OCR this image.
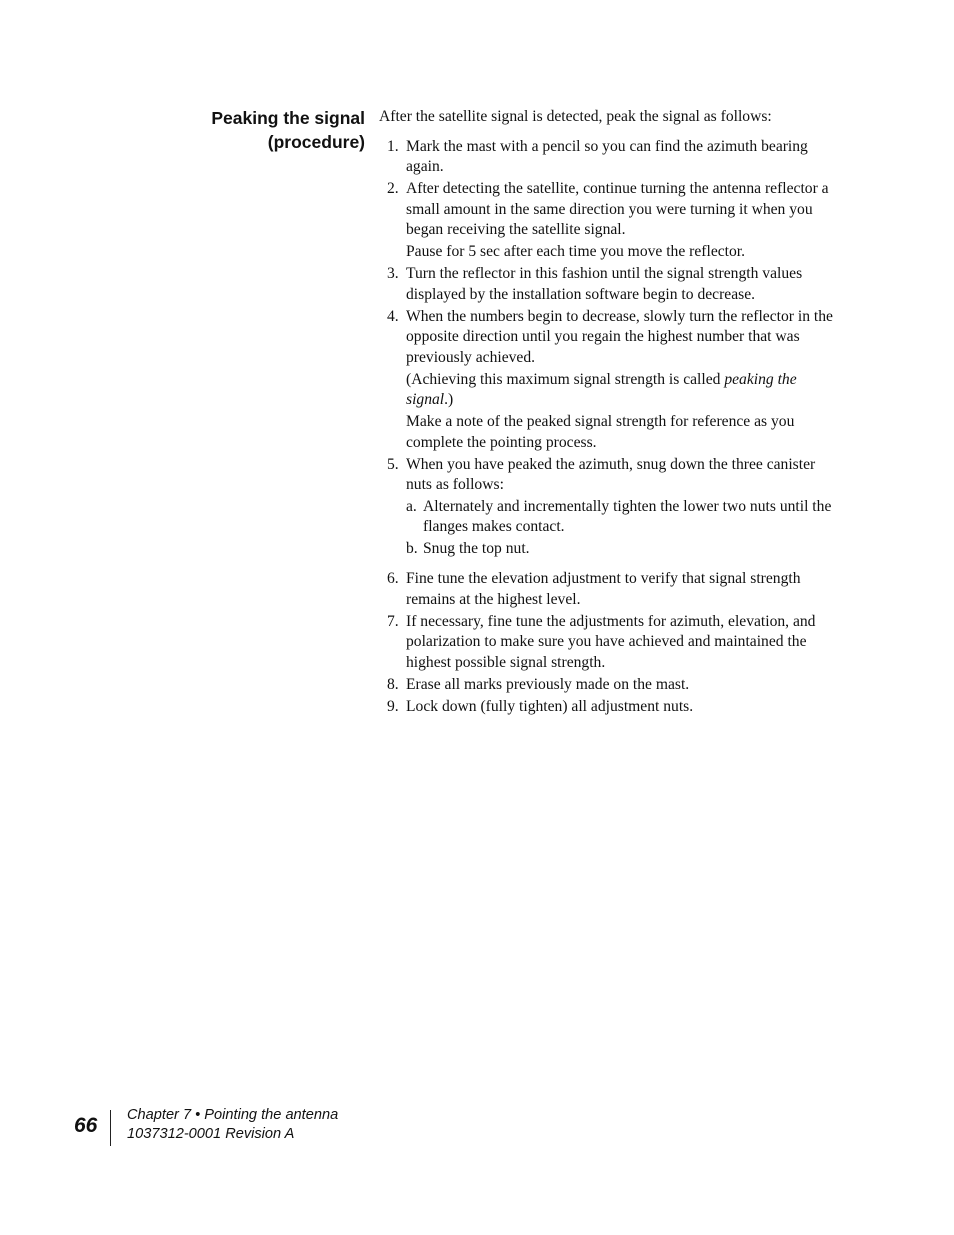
Peaking the signal
(procedure)

After the satellite signal is detected, peak the signal as follows:

1. Mark the mast with a pencil so you can find the azimuth bearing again.
2. After detecting the satellite, continue turning the antenna reflector a small amount in the same direction you were turning it when you began receiving the satellite signal.
Pause for 5 sec after each time you move the reflector.
3. Turn the reflector in this fashion until the signal strength values displayed by the installation software begin to decrease.
4. When the numbers begin to decrease, slowly turn the reflector in the opposite direction until you regain the highest number that was previously achieved.
(Achieving this maximum signal strength is called peaking the signal.)
Make a note of the peaked signal strength for reference as you complete the pointing process.
5. When you have peaked the azimuth, snug down the three canister nuts as follows:
a. Alternately and incrementally tighten the lower two nuts until the flanges makes contact.
b. Snug the top nut.
6. Fine tune the elevation adjustment to verify that signal strength remains at the highest level.
7. If necessary, fine tune the adjustments for azimuth, elevation, and polarization to make sure you have achieved and maintained the highest possible signal strength.
8. Erase all marks previously made on the mast.
9. Lock down (fully tighten) all adjustment nuts.
66 Chapter 7 • Pointing the antenna
1037312-0001 Revision A
